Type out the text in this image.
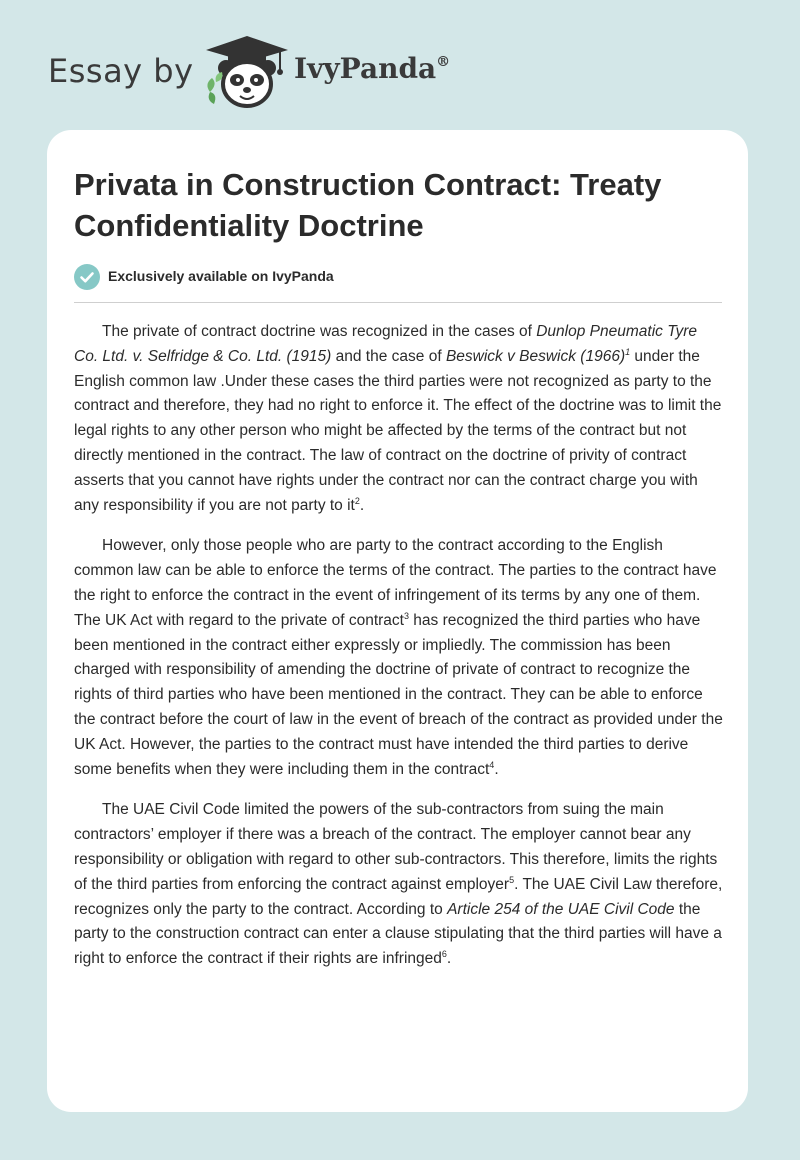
Essay by	IvyPanda®
Privata in Construction Contract: Treaty Confidentiality Doctrine
Exclusively available on IvyPanda

The private of contract doctrine was recognized in the cases of Dunlop Pneumatic Tyre Co. Ltd. v. Selfridge & Co. Ltd. (1915) and the case of Beswick v Beswick $(1966)^1$ under the English common law .Under these cases the third parties were not recognized as party to the contract and therefore, they had no right to enforce it. The effect of the doctrine was to limit the legal rights to any other person who might be affected by the terms of the contract but not directly mentioned in the contract. The law of contract on the doctrine of privity of contract asserts that you cannot have rights under the contract nor can the contract charge you with any responsibility if you are not party to $it^2$.

However, only those people who are party to the contract according to the English common law can be able to enforce the terms of the contract. The parties to the contract have the right to enforce the contract in the event of infringement of its terms by any one of them. The UK Act with regard to the private of contract$^3$ has recognized the third parties who have been mentioned in the contract either expressly or impliedly. The commission has been charged with responsibility of amending the doctrine of private of contract to recognize the rights of third parties who have been mentioned in the contract. They can be able to enforce the contract before the court of law in the event of breach of the contract as provided under the UK Act. However, the parties to the contract must have intended the third parties to derive some benefits when they were including them in the contract$^4$.

The UAE Civil Code limited the powers of the sub-contractors from suing the main contractors’ employer if there was a breach of the contract. The employer cannot bear any responsibility or obligation with regard to other sub-contractors. This therefore, limits the rights of the third parties from enforcing the contract against employer$^5$. The UAE Civil Law therefore, recognizes only the party to the contract. According to Article 254 of the UAE Civil Code the party to the construction contract can enter a clause stipulating that the third parties will have a right to enforce the contract if their rights are infringed$^6$.
